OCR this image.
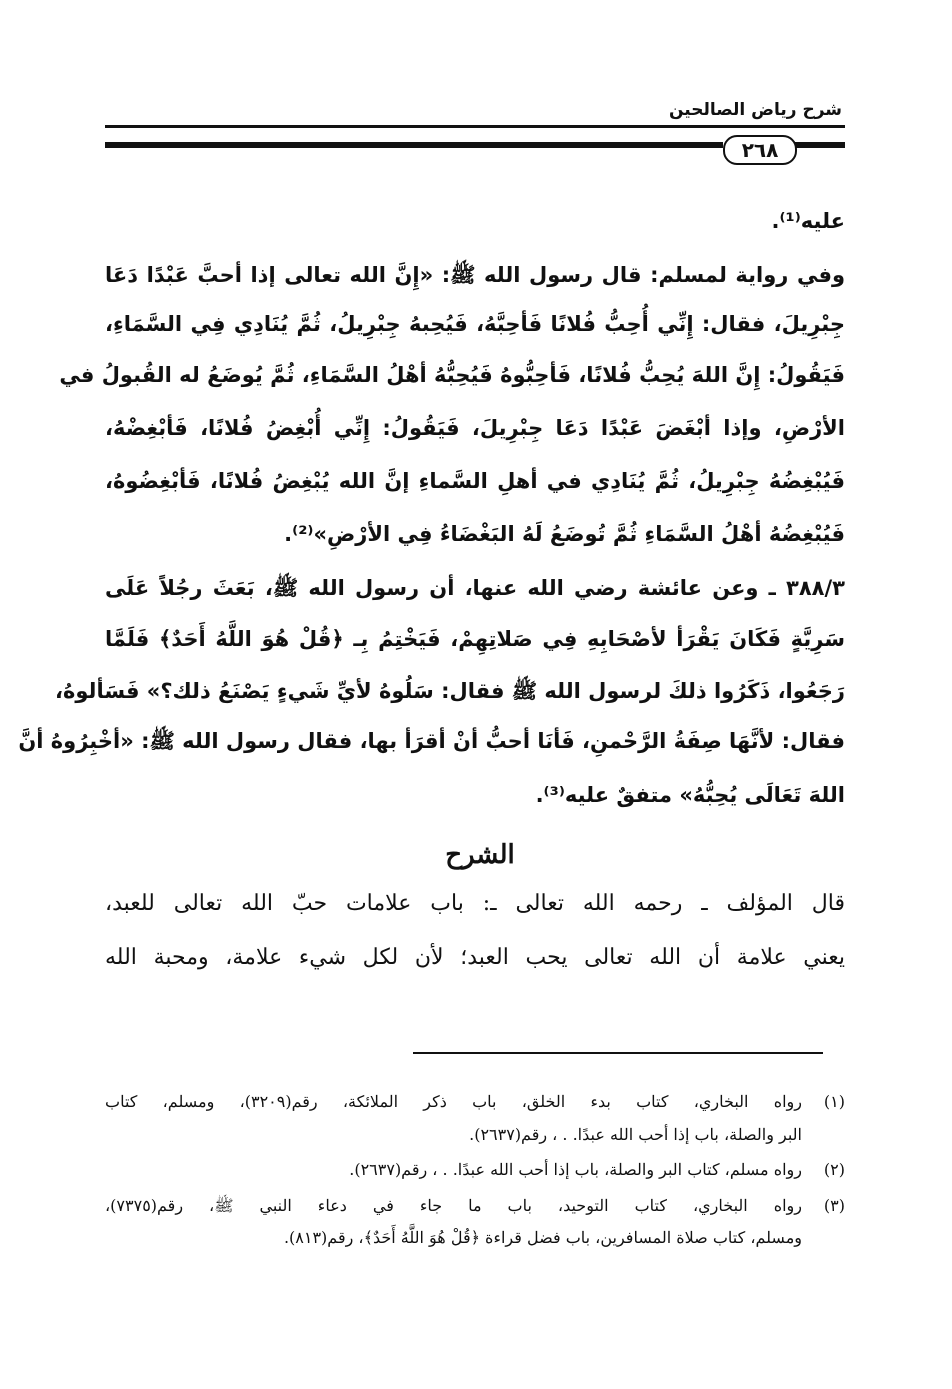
شرح رياض الصالحين
٢٦٨
عليه⁽¹⁾.
وفي رواية لمسلم: قال رسول الله ﷺ: «إِنَّ الله تعالى إذا أحبَّ عَبْدًا دَعَا
جِبْرِيلَ، فقال: إِنِّي أُحِبُّ فُلانًا فَأحِبَّهُ، فَيُحِبهُ جِبْرِيلُ، ثُمَّ يُنَادِي فِي السَّمَاءِ،
فَيَقُولُ: إِنَّ اللهَ يُحِبُّ فُلانًا، فَأحِبُّوهُ فَيُحِبُّهُ أهْلُ السَّمَاءِ، ثُمَّ يُوضَعُ له القُبولُ في
الأرْضِ، وإذا أبْغَضَ عَبْدًا دَعَا جِبْرِيلَ، فَيَقُولُ: إِنِّي أُبْغِضُ فُلانًا، فَأبْغِضْهُ،
فَيُبْغِضُهُ جِبْرِيلُ، ثُمَّ يُنَادِي في أهلِ السَّماءِ إنَّ الله يُبْغِضُ فُلانًا، فَأبْغِضُوهُ،
فَيُبْغِضُهُ أهْلُ السَّمَاءِ ثُمَّ تُوضَعُ لَهُ البَغْضَاءُ فِي الأرْضِ»⁽²⁾.
٣٨٨/٣ ـ وعن عائشة رضي الله عنها، أن رسول الله ﷺ، بَعَثَ رجُلاً عَلَى
سَرِيَّةٍ فَكَانَ يَقْرَأ لأصْحَابِهِ فِي صَلاتِهِمْ، فَيَخْتِمُ بِـ ﴿قُلْ هُوَ اللَّهُ أَحَدٌ﴾ فَلَمَّا
رَجَعُوا، ذَكَرُوا ذلكَ لرسول الله ﷺ فقال: سَلُوهُ لأيِّ شَيءٍ يَصْنَعُ ذلك؟» فَسَألوهُ،
فقال: لأنَّهَا صِفَةُ الرَّحْمنِ، فَأنَا أحبُّ أنْ أقرَأ بها، فقال رسول الله ﷺ: «أخْبِرُوهُ أنَّ
اللهَ تَعَالَى يُحِبُّهُ» متفقٌ عليه⁽³⁾.
الشرح
قال المؤلف ـ رحمه الله تعالى ـ: باب علامات حبّ الله تعالى للعبد،
يعني علامة أن الله تعالى يحب العبد؛ لأن لكل شيء علامة، ومحبة الله
(١)
رواه البخاري، كتاب بدء الخلق، باب ذكر الملائكة، رقم(٣٢٠٩)، ومسلم، كتاب
البر والصلة، باب إذا أحب الله عبدًا. . ، رقم(٢٦٣٧).
(٢)
رواه مسلم، كتاب البر والصلة، باب إذا أحب الله عبدًا. . ، رقم(٢٦٣٧).
(٣)
رواه البخاري، كتاب التوحيد، باب ما جاء في دعاء النبي ﷺ، رقم(٧٣٧٥)،
ومسلم، كتاب صلاة المسافرين، باب فضل قراءة ﴿قُلْ هُوَ اللَّهُ أَحَدٌ﴾، رقم(٨١٣).
